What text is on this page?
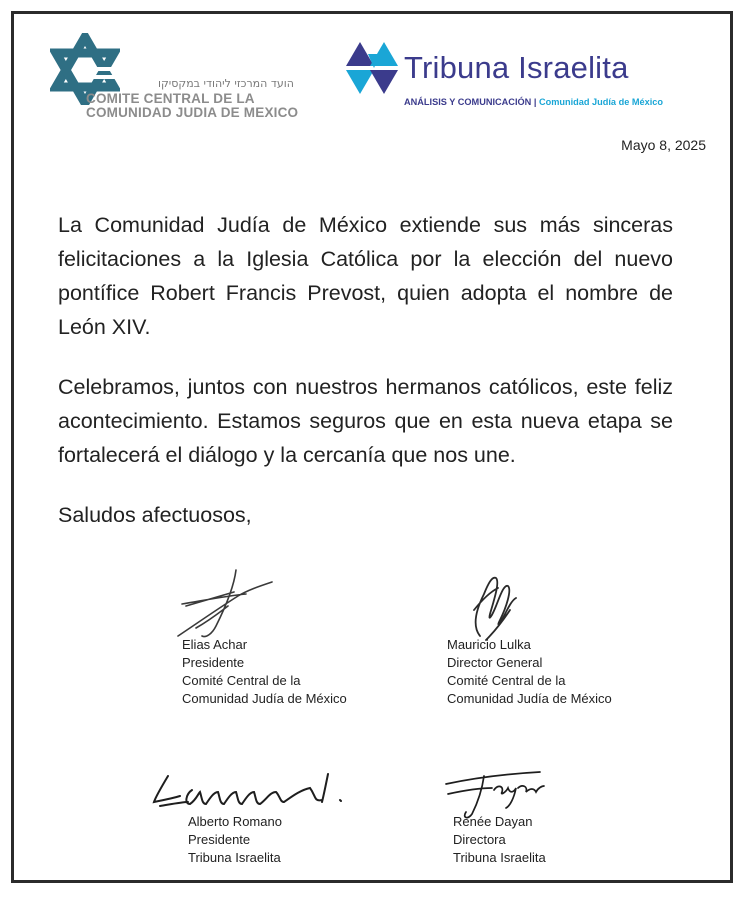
הועד המרכזי ליהודי במקסיקו
COMITE CENTRAL DE LA
COMUNIDAD JUDIA DE MEXICO
Tribuna Israelita
ANÁLISIS Y COMUNICACIÓN | Comunidad Judía de México
Mayo 8, 2025
La Comunidad Judía de México extiende sus más sinceras felicitaciones a la Iglesia Católica por la elección del nuevo pontífice Robert Francis Prevost, quien adopta el nombre de León XIV.
Celebramos, juntos con nuestros hermanos católicos, este feliz acontecimiento. Estamos seguros que en esta nueva etapa se fortalecerá el diálogo y la cercanía que nos une.
Saludos afectuosos,
Elias Achar
Presidente
Comité Central de la
Comunidad Judía de México
Mauricio Lulka
Director General
Comité Central de la
Comunidad Judía de México
Alberto Romano
Presidente
Tribuna Israelita
Renée Dayan
Directora
Tribuna Israelita
